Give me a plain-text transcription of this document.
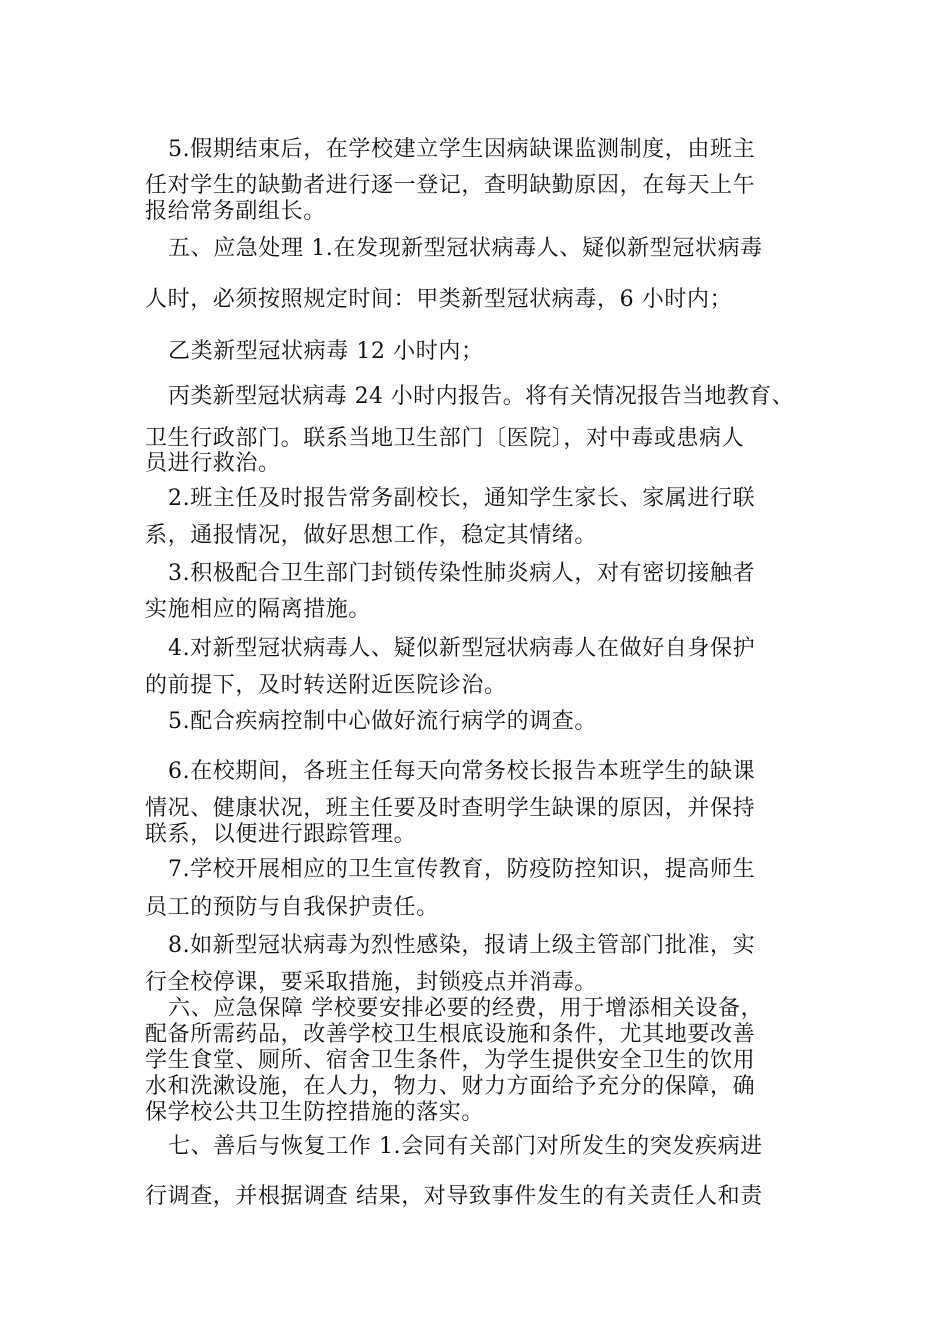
5.假期结束后，在学校建立学生因病缺课监测制度，由班主
任对学生的缺勤者进行逐一登记，查明缺勤原因，在每天上午
报给常务副组长。
五、应急处理 1.在发现新型冠状病毒人、疑似新型冠状病毒
人时，必须按照规定时间：甲类新型冠状病毒，6 小时内；
乙类新型冠状病毒 12 小时内；
丙类新型冠状病毒 24 小时内报告。将有关情况报告当地教育、
卫生行政部门。联系当地卫生部门〔医院〕，对中毒或患病人
员进行救治。
2.班主任及时报告常务副校长，通知学生家长、家属进行联
系，通报情况，做好思想工作，稳定其情绪。
3.积极配合卫生部门封锁传染性肺炎病人，对有密切接触者
实施相应的隔离措施。
4.对新型冠状病毒人、疑似新型冠状病毒人在做好自身保护
的前提下，及时转送附近医院诊治。
5.配合疾病控制中心做好流行病学的调查。
6.在校期间，各班主任每天向常务校长报告本班学生的缺课
情况、健康状况，班主任要及时查明学生缺课的原因，并保持
联系，以便进行跟踪管理。
7.学校开展相应的卫生宣传教育，防疫防控知识，提高师生
员工的预防与自我保护责任。
8.如新型冠状病毒为烈性感染，报请上级主管部门批准，实
行全校停课，要采取措施，封锁疫点并消毒。
六、应急保障 学校要安排必要的经费，用于增添相关设备，
配备所需药品，改善学校卫生根底设施和条件，尤其地要改善
学生食堂、厕所、宿舍卫生条件，为学生提供安全卫生的饮用
水和洗漱设施，在人力，物力、财力方面给予充分的保障，确
保学校公共卫生防控措施的落实。
七、善后与恢复工作 1.会同有关部门对所发生的突发疾病进
行调查，并根据调查 结果，对导致事件发生的有关责任人和责
